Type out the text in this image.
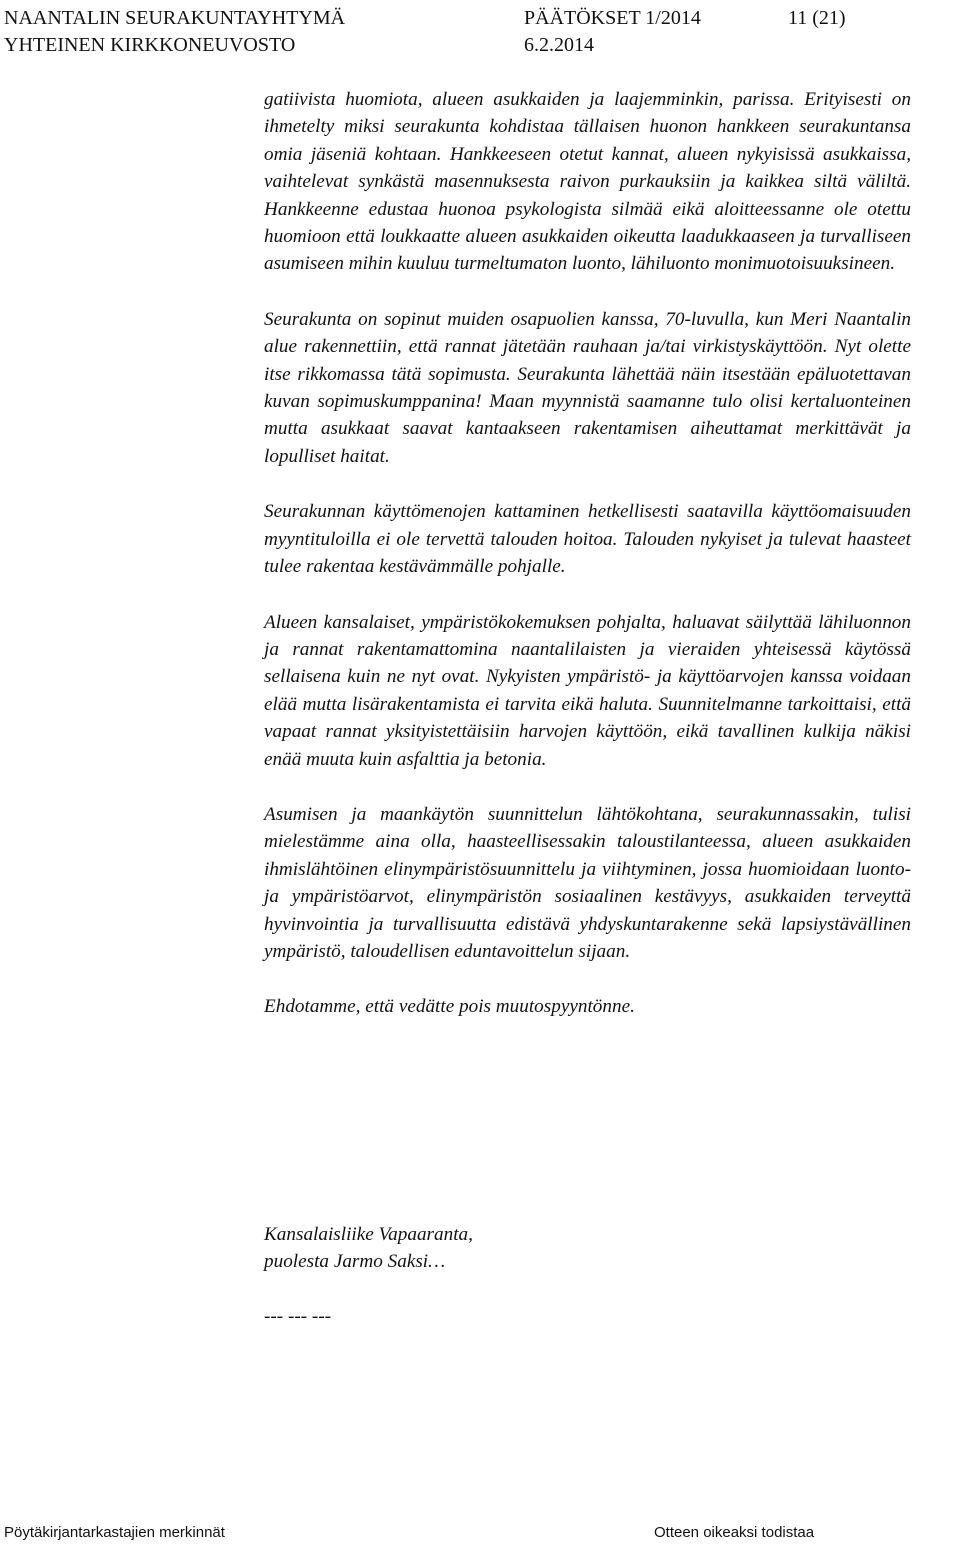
NAANTALIN SEURAKUNTAYHTYMÄ	PÄÄTÖKSET 1/2014	11 (21)
YHTEINEN KIRKKONEUVOSTO	6.2.2014

gatiivista huomiota, alueen asukkaiden ja laajemminkin, parissa. Erityisesti on ihmetelty miksi seurakunta kohdistaa tällaisen huonon hankkeen seurakuntansa omia jäseniä kohtaan. Hankkeeseen otetut kannat, alueen nykyisissä asukkaissa, vaihtelevat synkästä masennuksesta raivon purkauksiin ja kaikkea siltä väliltä. Hankkeenne edustaa huonoa psykologista silmää eikä aloitteessanne ole otettu huomioon että loukkaatte alueen asukkaiden oikeutta laadukkaaseen ja turvalliseen asumiseen mihin kuuluu turmeltumaton luonto, lähiluonto monimuotoisuuksineen.

Seurakunta on sopinut muiden osapuolien kanssa, 70-luvulla, kun Meri Naantalin alue rakennettiin, että rannat jätetään rauhaan ja/tai virkistyskäyttöön. Nyt olette itse rikkomassa tätä sopimusta. Seurakunta lähettää näin itsestään epäluotettavan kuvan sopimuskumppanina! Maan myynnistä saamanne tulo olisi kertaluonteinen mutta asukkaat saavat kantaakseen rakentamisen aiheuttamat merkittävät ja lopulliset haitat.

Seurakunnan käyttömenojen kattaminen hetkellisesti saatavilla käyttöomaisuuden myyntituloilla ei ole tervettä talouden hoitoa. Talouden nykyiset ja tulevat haasteet tulee rakentaa kestävämmälle pohjalle.

Alueen kansalaiset, ympäristökokemuksen pohjalta, haluavat säilyttää lähiluonnon ja rannat rakentamattomina naantalilaisten ja vieraiden yhteisessä käytössä sellaisena kuin ne nyt ovat. Nykyisten ympäristö- ja käyttöarvojen kanssa voidaan elää mutta lisärakentamista ei tarvita eikä haluta. Suunnitelmanne tarkoittaisi, että vapaat rannat yksityistettäisiin harvojen käyttöön, eikä tavallinen kulkija näkisi enää muuta kuin asfalttia ja betonia.

Asumisen ja maankäytön suunnittelun lähtökohtana, seurakunnassakin, tulisi mielestämme aina olla, haasteellisessakin taloustilanteessa, alueen asukkaiden ihmislähtöinen elinympäristösuunnittelu ja viihtyminen, jossa huomioidaan luonto- ja ympäristöarvot, elinympäristön sosiaalinen kestävyys, asukkaiden terveyttä hyvinvointia ja turvallisuutta edistävä yhdyskuntarakenne sekä lapsiystävällinen ympäristö, taloudellisen eduntavoittelun sijaan.

Ehdotamme, että vedätte pois muutospyyntönne.

Kansalaisliike Vapaaranta,
puolesta Jarmo Saksi…
--- --- ---
Pöytäkirjantarkastajien merkinnät	Otteen oikeaksi todistaa
